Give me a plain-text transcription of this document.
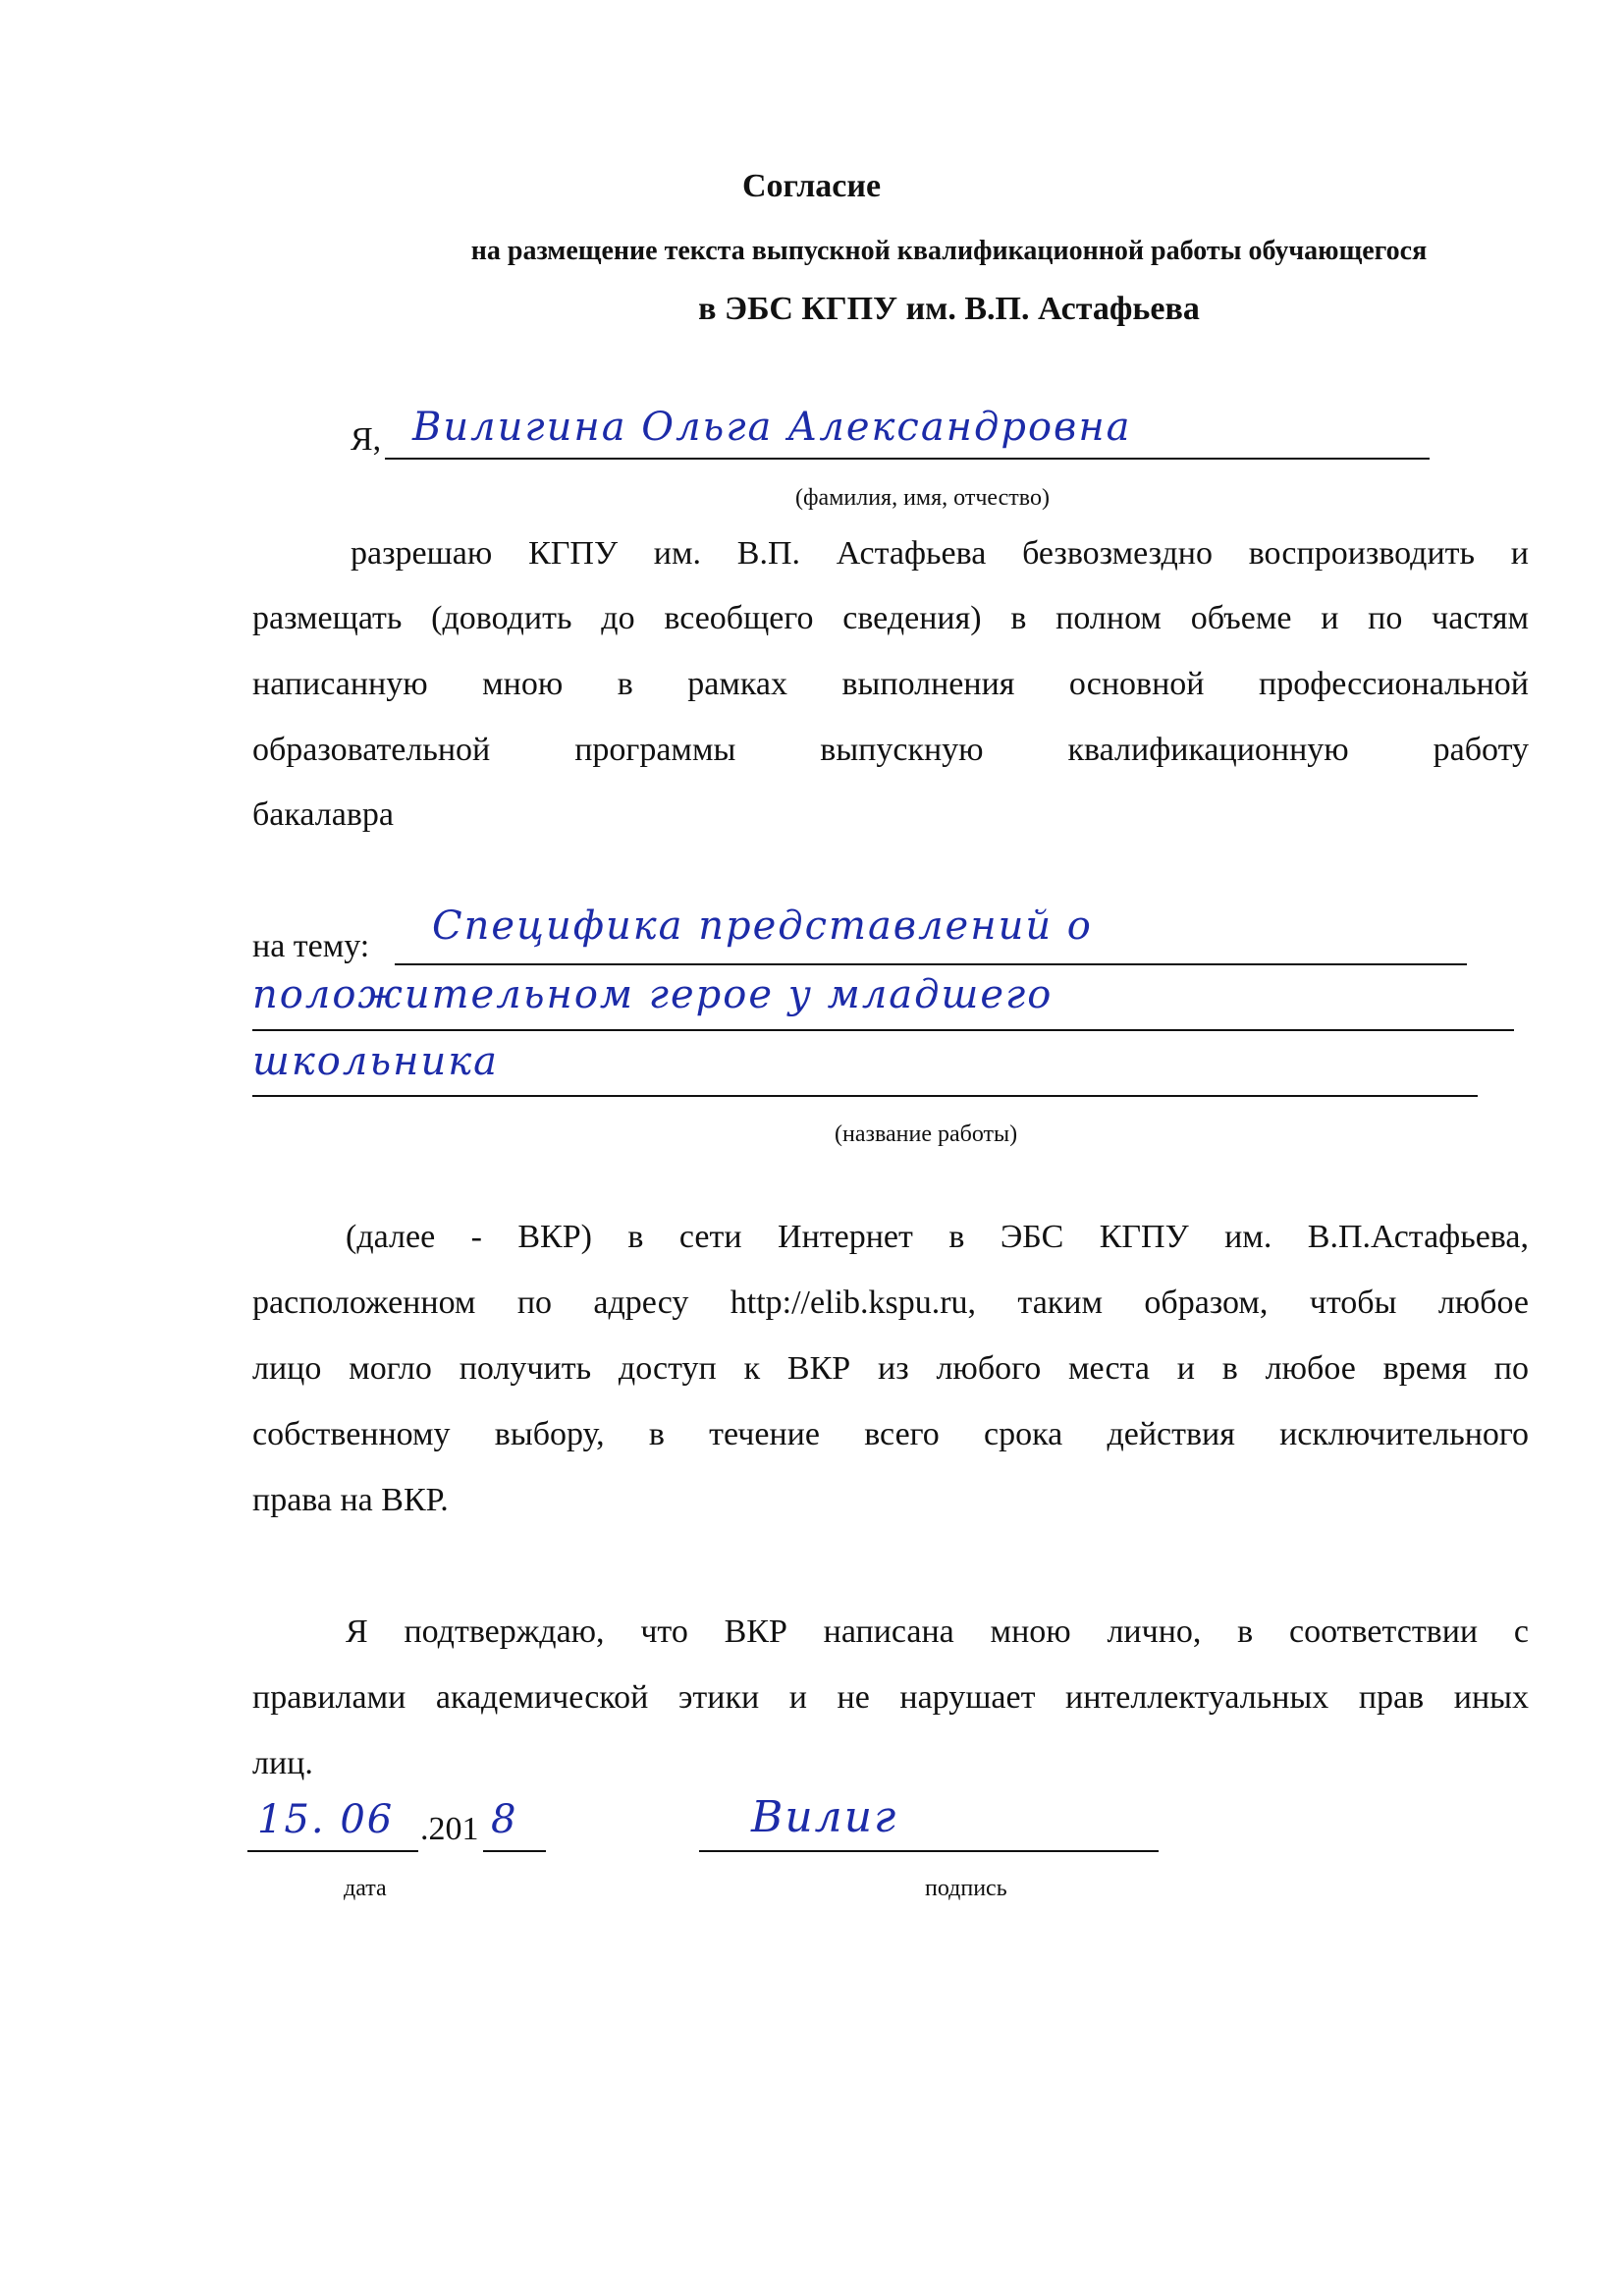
Согласие
на размещение текста выпускной квалификационной работы обучающегося
в ЭБС КГПУ им. В.П. Астафьева
Я, Вилигина Ольга Александровна
(фамилия, имя, отчество)
разрешаю КГПУ им. В.П. Астафьева безвозмездно воспроизводить и
размещать (доводить до всеобщего сведения) в полном объеме и по частям
написанную мною в рамках выполнения основной профессиональной
образовательной программы выпускную квалификационную работу
бакалавра
на тему: Специфика представлений о
положительном герое у младшего
школьника
(название работы)
(далее - ВКР) в сети Интернет в ЭБС КГПУ им. В.П.Астафьева,
расположенном по адресу http://elib.kspu.ru, таким образом, чтобы любое
лицо могло получить доступ к ВКР из любого места и в любое время по
собственному выбору, в течение всего срока действия исключительного
права на ВКР.
Я подтверждаю, что ВКР написана мною лично, в соответствии с
правилами академической этики и не нарушает интеллектуальных прав иных
лиц.
15. 06 .201 8	Вилиг
дата	подпись
